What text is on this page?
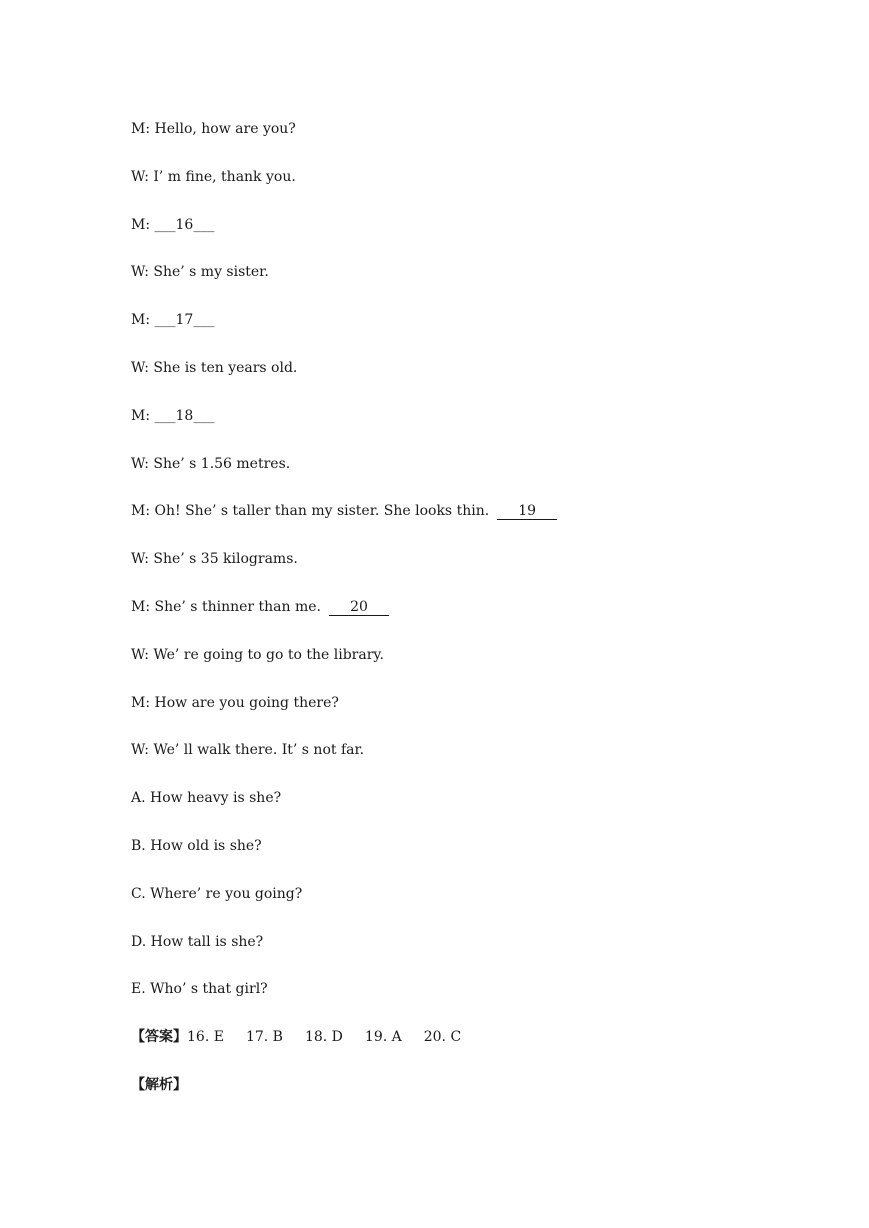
M: Hello, how are you?
W: I’ m fine, thank you.
M: ___16___
W: She’ s my sister.
M: ___17___
W: She is ten years old.
M: ___18___
W: She’ s 1.56 metres.
M: Oh! She’ s taller than my sister. She looks thin. 19
W: She’ s 35 kilograms.
M: She’ s thinner than me. 20
W: We’ re going to go to the library.
M: How are you going there?
W: We’ ll walk there. It’ s not far.
A. How heavy is she?
B. How old is she?
C. Where’ re you going?
D. How tall is she?
E. Who’ s that girl?
【答案】16. E 17. B 18. D 19. A 20. C
【解析】
